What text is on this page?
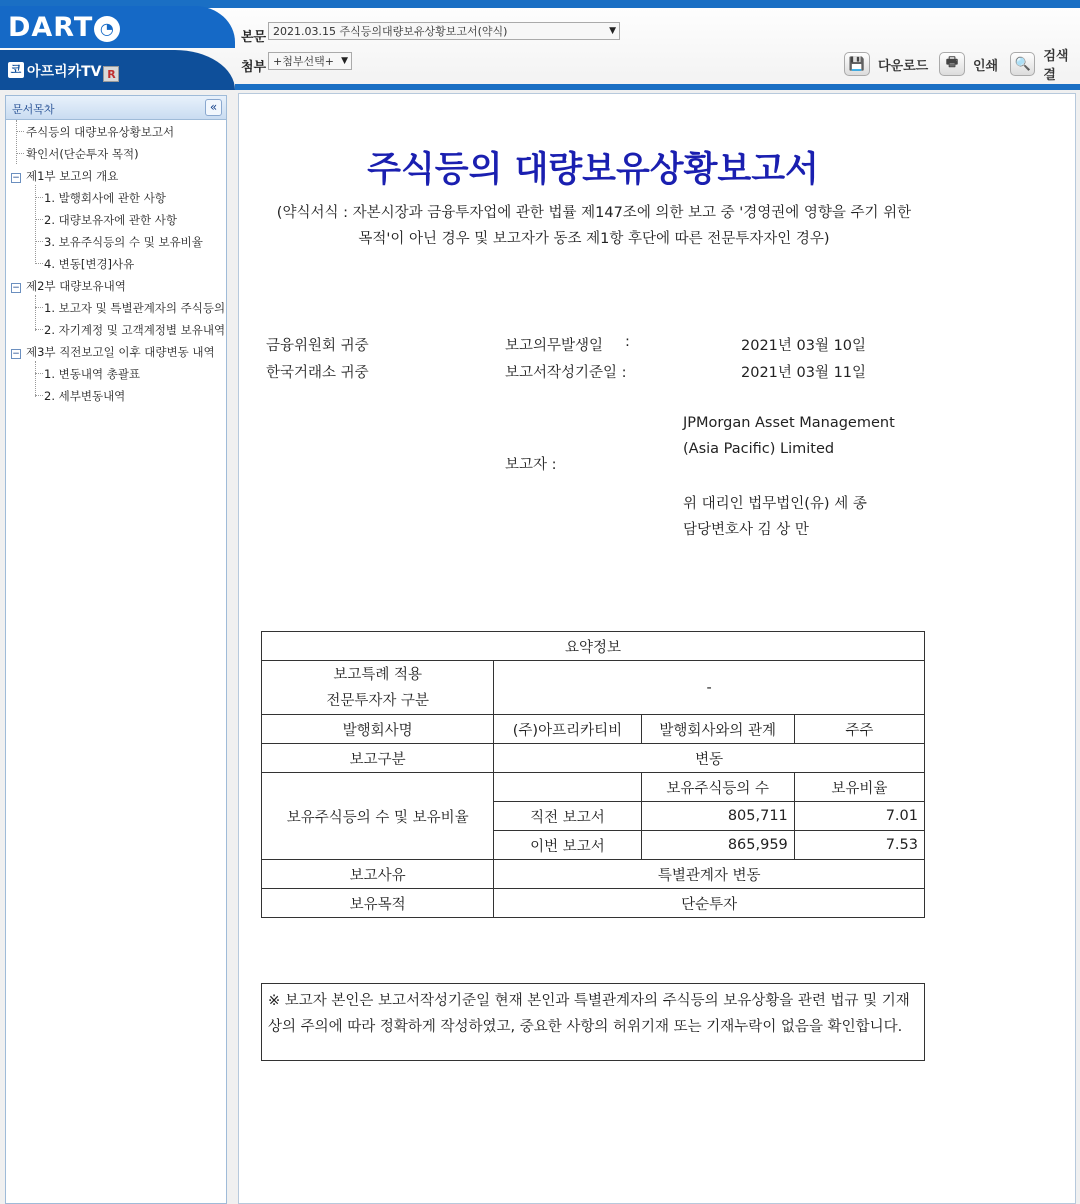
DART ◔
코 아프리카TV R
본문 2021.03.15 주식등의대량보유상황보고서(약식)	▼
첨부 +첨부선택+ ▼	💾 다운로드	🖶	인쇄	🔍 검색결
문서목차	«
주식등의 대량보유상황보고서
확인서(단순투자 목적)
− 제1부 보고의 개요
1. 발행회사에 관한 사항
2. 대량보유자에 관한 사항
3. 보유주식등의 수 및 보유비율
4. 변동[변경]사유
− 제2부 대량보유내역
1. 보고자 및 특별관계자의 주식등의
2. 자기계정 및 고객계정별 보유내역
− 제3부 직전보고일 이후 대량변동 내역
1. 변동내역 총괄표
2. 세부변동내역
주식등의 대량보유상황보고서
(약식서식 : 자본시장과 금융투자업에 관한 법률 제147조에 의한 보고 중 '경영권에 영향을 주기 위한
목적'이 아닌 경우 및 보고자가 동조 제1항 후단에 따른 전문투자자인 경우)
금융위원회 귀중
한국거래소 귀중
보고의무발생일 :	2021년 03월 10일
보고서작성기준일 :	2021년 03월 11일
JPMorgan Asset Management
(Asia Pacific) Limited
보고자 :
위 대리인 법무법인(유) 세 종
담당변호사 김 상 만
요약정보			

보고특례 적용
전문투자자 구분	-		
발행회사명	(주)아프리카티비	발행회사와의 관계	주주
보고구분	변동		
보유주식등의 수 및 보유비율		보유주식등의 수	보유비율
	직전 보고서	805,711	7.01
	이번 보고서	865,959	7.53
보고사유	특별관계자 변동		
보유목적	단순투자		
※ 보고자 본인은 보고서작성기준일 현재 본인과 특별관계자의 주식등의 보유상황을 관련 법규 및 기재상의 주의에 따라 정확하게 작성하였고, 중요한 사항의 허위기재 또는 기재누락이 없음을 확인합니다.
